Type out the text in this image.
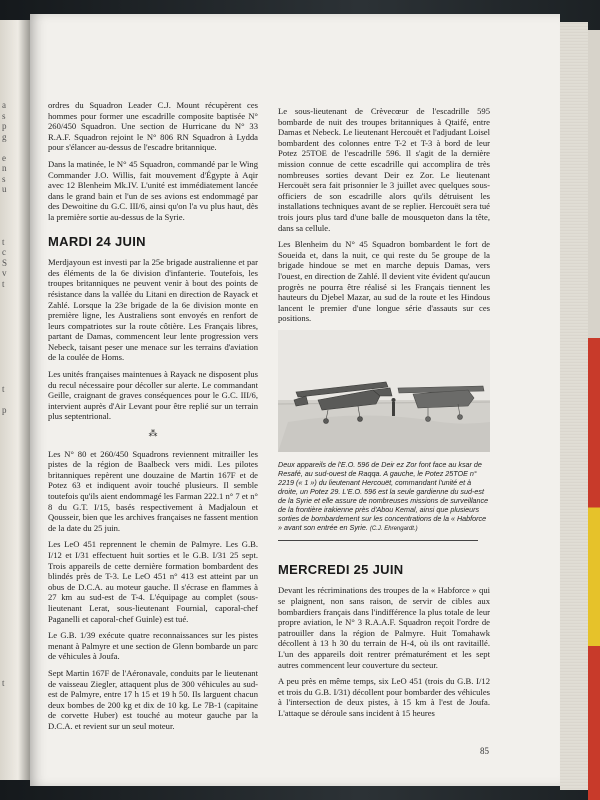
a
s
p
g
e
n
s
u
t
c
S
v
t
t
p
t

ordres du Squadron Leader C.J. Mount récupèrent ces hommes pour former une escadrille composite baptisée N° 260/450 Squadron. Une section de Hurricane du N° 33 R.A.F. Squadron rejoint le N° 806 RN Squadron à Lydda pour s'élancer au-dessus de l'escadre britannique.

Dans la matinée, le N° 45 Squadron, commandé par le Wing Commander J.O. Willis, fait mouvement d'Égypte à Aqir avec 12 Blenheim Mk.IV. L'unité est immédiatement lancée dans le grand bain et l'un de ses avions est endommagé par des Dewoitine du G.C. III/6, ainsi qu'on l'a vu plus haut, dès la première sortie au-dessus de la Syrie.

MARDI 24 JUIN

Merdjayoun est investi par la 25e brigade australienne et par des éléments de la 6e division d'infanterie. Toutefois, les troupes britanniques ne peuvent venir à bout des points de résistance dans la vallée du Litani en direction de Rayack et Zahlé. Lorsque la 23e brigade de la 6e division monte en première ligne, les Australiens sont envoyés en renfort de leurs compatriotes sur la route côtière. Les Français libres, partant de Damas, commencent leur lente progression vers Nebeck, taisant peser une menace sur les terrains d'aviation de la coulée de Homs.

Les unités françaises maintenues à Rayack ne disposent plus du recul nécessaire pour décoller sur alerte. Le commandant Geille, craignant de graves conséquences pour le G.C. III/6, intervient auprès d'Air Levant pour être replié sur un terrain plus septentrional.

⁂

Les N° 80 et 260/450 Squadrons reviennent mitrailler les pistes de la région de Baalbeck vers midi. Les pilotes britanniques repèrent une douzaine de Martin 167F et de Potez 63 et indiquent avoir touché plusieurs. Il semble toutefois qu'ils aient endommagé les Farman 222.1 n° 7 et n° 8 du G.T. I/15, basés respectivement à Madjaloun et Qousseir, bien que les archives françaises ne fassent mention de la date du 25 juin.

Les LeO 451 reprennent le chemin de Palmyre. Les G.B. I/12 et I/31 effectuent huit sorties et le G.B. I/31 25 sept. Trois appareils de cette dernière formation bombardent des blindés près de T-3. Le LeO 451 n° 413 est atteint par un obus de D.C.A. au moteur gauche. Il s'écrase en flammes à 27 km au sud-est de T-4. L'équipage au complet (sous-lieutenant Lerat, sous-lieutenant Fournial, caporal-chef Paganelli et caporal-chef Guinle) est tué.

Le G.B. 1/39 exécute quatre reconnaissances sur les pistes menant à Palmyre et une section de Glenn bombarde un parc de véhicules à Joufa.

Sept Martin 167F de l'Aéronavale, conduits par le lieutenant de vaisseau Ziegler, attaquent plus de 300 véhicules au sud-est de Palmyre, entre 17 h 15 et 19 h 50. Ils larguent chacun deux bombes de 200 kg et dix de 10 kg. Le 7B-1 (capitaine de corvette Huber) est touché au moteur gauche par la D.C.A. et revient sur un seul moteur.

Le sous-lieutenant de Crèvecœur de l'escadrille 595 bombarde de nuit des troupes britanniques à Qtaifé, entre Damas et Nebeck. Le lieutenant Hercouët et l'adjudant Loisel bombardent des colonnes entre T-2 et T-3 à bord de leur Potez 25TOE de l'escadrille 596. Il s'agit de la dernière mission connue de cette escadrille qui accomplira de très nombreuses sorties devant Deir ez Zor. Le lieutenant Hercouët sera fait prisonnier le 3 juillet avec quelques sous-officiers de son escadrille alors qu'ils détruisent les installations techniques avant de se replier. Hercouët sera tué trois jours plus tard d'une balle de mousqueton dans la tête, dans sa cellule.

Les Blenheim du N° 45 Squadron bombardent le fort de Soueida et, dans la nuit, ce qui reste du 5e groupe de la brigade hindoue se met en marche depuis Damas, vers l'ouest, en direction de Zahlé. Il devient vite évident qu'aucun progrès ne pourra être réalisé si les Français tiennent les hauteurs du Djebel Mazar, au sud de la route et les Hindous lancent le premier d'une longue série d'assauts sur ces positions.

Deux appareils de l'E.O. 596 de Deir ez Zor font face au ksar de Resafé, au sud-ouest de Raqqa. A gauche, le Potez 25TOE n° 2219 (« 1 ») du lieutenant Hercouët, commandant l'unité et à droite, un Potez 29. L'E.O. 596 est la seule gardienne du sud-est de la Syrie et elle assure de nombreuses missions de surveillance de la frontière irakienne près d'Abou Kemal, ainsi que plusieurs sorties de bombardement sur les concentrations de la « Habforce » avant son entrée en Syrie. (C.J. Ehrengardt.)
MERCREDI 25 JUIN

Devant les récriminations des troupes de la « Habforce » qui se plaignent, non sans raison, de servir de cibles aux bombardiers français dans l'indifférence la plus totale de leur propre aviation, le N° 3 R.A.A.F. Squadron reçoit l'ordre de patrouiller dans la région de Palmyre. Huit Tomahawk décollent à 13 h 30 du terrain de H-4, où ils ont ravitaillé. L'un des appareils doit rentrer prématurément et les sept autres commencent leur couverture du secteur.

A peu près en même temps, six LeO 451 (trois du G.B. I/12 et trois du G.B. I/31) décollent pour bombarder des véhicules à l'intersection de deux pistes, à 15 km à l'est de Joufa. L'attaque se déroule sans incident à 15 heures

85
